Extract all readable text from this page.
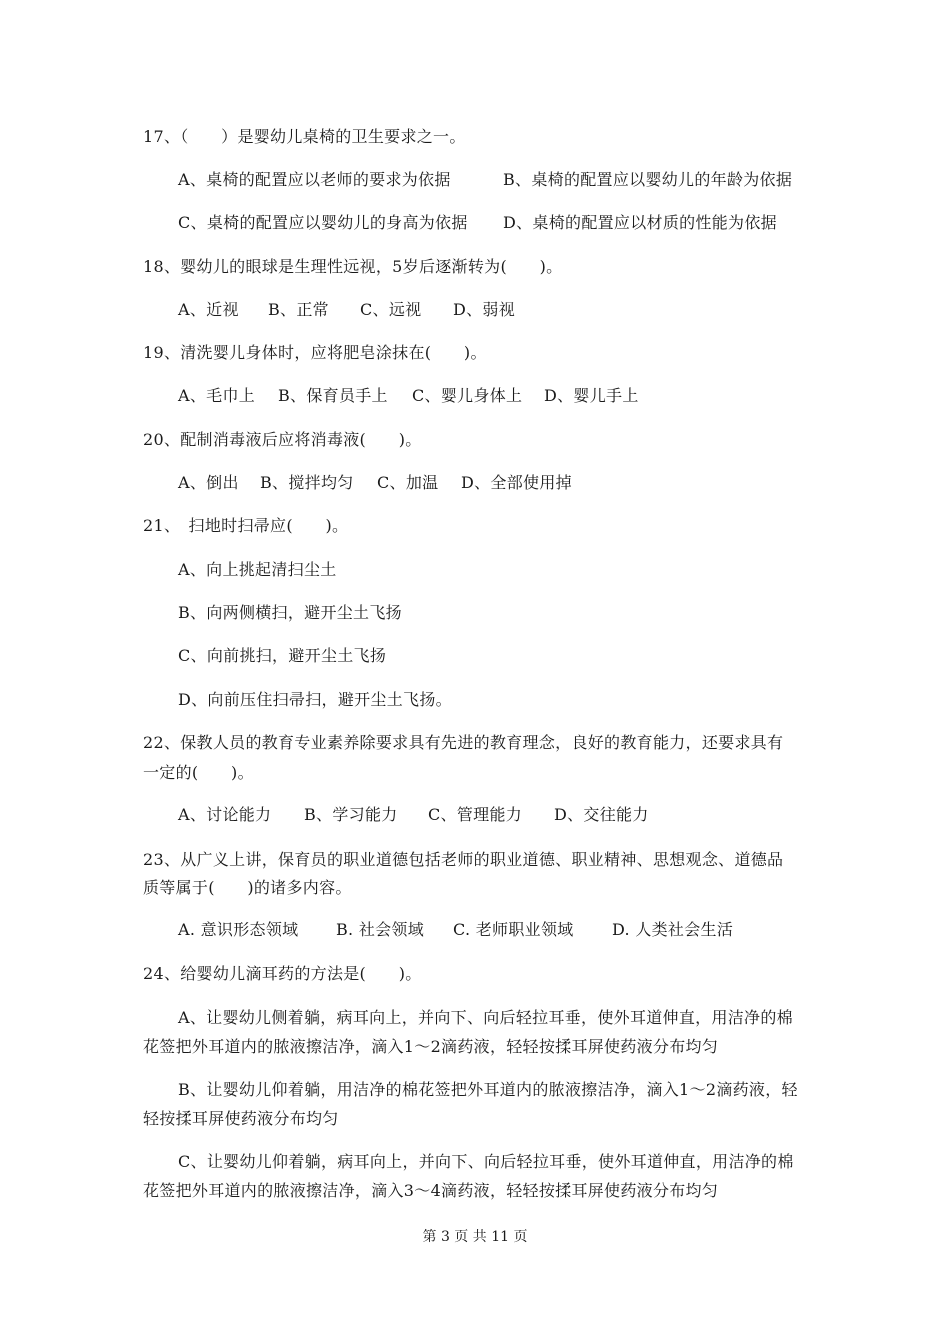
17、（　　）是婴幼儿桌椅的卫生要求之一。
A、桌椅的配置应以老师的要求为依据	B、桌椅的配置应以婴幼儿的年龄为依据
C、桌椅的配置应以婴幼儿的身高为依据 D、桌椅的配置应以材质的性能为依据
18、婴幼儿的眼球是生理性远视，5岁后逐渐转为(　　)。
A、近视 B、正常 C、远视 D、弱视
19、清洗婴儿身体时，应将肥皂涂抹在(　　)。
A、毛巾上 B、保育员手上 C、婴儿身体上 D、婴儿手上
20、配制消毒液后应将消毒液(　　)。
A、倒出 B、搅拌均匀 C、加温 D、全部使用掉
21、　扫地时扫帚应(　　)。
A、向上挑起清扫尘土
B、向两侧横扫，避开尘土飞扬
C、向前挑扫，避开尘土飞扬
D、向前压住扫帚扫，避开尘土飞扬。
22、保教人员的教育专业素养除要求具有先进的教育理念，良好的教育能力，还要求具有
一定的(　　)。
A、讨论能力 B、学习能力 C、管理能力 D、交往能力
23、从广义上讲，保育员的职业道德包括老师的职业道德、职业精神、思想观念、道德品
质等属于(　　)的诸多内容。
A. 意识形态领域 B. 社会领域 C. 老师职业领域 D. 人类社会生活
24、给婴幼儿滴耳药的方法是(　　)。
A、让婴幼儿侧着躺，病耳向上，并向下、向后轻拉耳垂，使外耳道伸直，用洁净的棉
花签把外耳道内的脓液擦洁净，滴入1～2滴药液，轻轻按揉耳屏使药液分布均匀
B、让婴幼儿仰着躺，用洁净的棉花签把外耳道内的脓液擦洁净，滴入1～2滴药液，轻
轻按揉耳屏使药液分布均匀
C、让婴幼儿仰着躺，病耳向上，并向下、向后轻拉耳垂，使外耳道伸直，用洁净的棉
花签把外耳道内的脓液擦洁净，滴入3～4滴药液，轻轻按揉耳屏使药液分布均匀
第 3 页 共 11 页
